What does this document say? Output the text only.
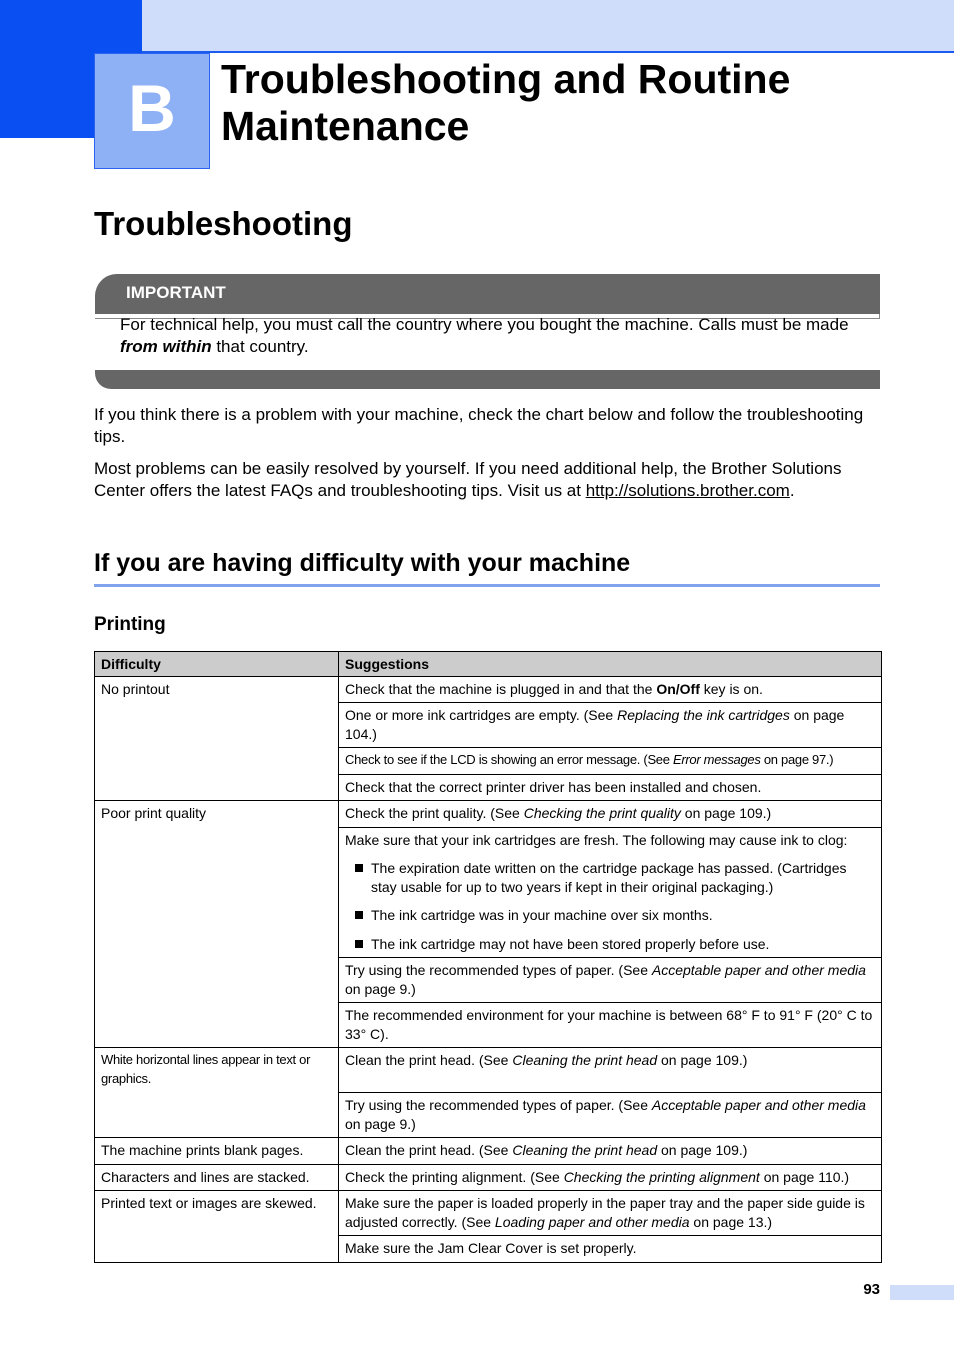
B	Troubleshooting and Routine Maintenance
Troubleshooting
IMPORTANT

For technical help, you must call the country where you bought the machine. Calls must be made from within that country.

If you think there is a problem with your machine, check the chart below and follow the troubleshooting tips.

Most problems can be easily resolved by yourself. If you need additional help, the Brother Solutions Center offers the latest FAQs and troubleshooting tips. Visit us at http://solutions.brother.com.

If you are having difficulty with your machine
Printing
Difficulty	Suggestions
No printout	Check that the machine is plugged in and that the On/Off key is on.
	One or more ink cartridges are empty. (See Replacing the ink cartridges on page 104.)
	Check to see if the LCD is showing an error message. (See Error messages on page 97.)
	Check that the correct printer driver has been installed and chosen.
Poor print quality	Check the print quality. (See Checking the print quality on page 109.)

	Make sure that your ink cartridges are fresh. The following may cause ink to clog:
The expiration date written on the cartridge package has passed. (Cartridges stay usable for up to two years if kept in their original packaging.)
The ink cartridge was in your machine over six months.
The ink cartridge may not have been stored properly before use.

	Try using the recommended types of paper. (See Acceptable paper and other media on page 9.)
	The recommended environment for your machine is between 68° F to 91° F (20° C to 33° C).
White horizontal lines appear in text or graphics.	Clean the print head. (See Cleaning the print head on page 109.)
	Try using the recommended types of paper. (See Acceptable paper and other media on page 9.)
The machine prints blank pages.	Clean the print head. (See Cleaning the print head on page 109.)
Characters and lines are stacked.	Check the printing alignment. (See Checking the printing alignment on page 110.)
Printed text or images are skewed.	Make sure the paper is loaded properly in the paper tray and the paper side guide is adjusted correctly. (See Loading paper and other media on page 13.)
	Make sure the Jam Clear Cover is set properly.
93
